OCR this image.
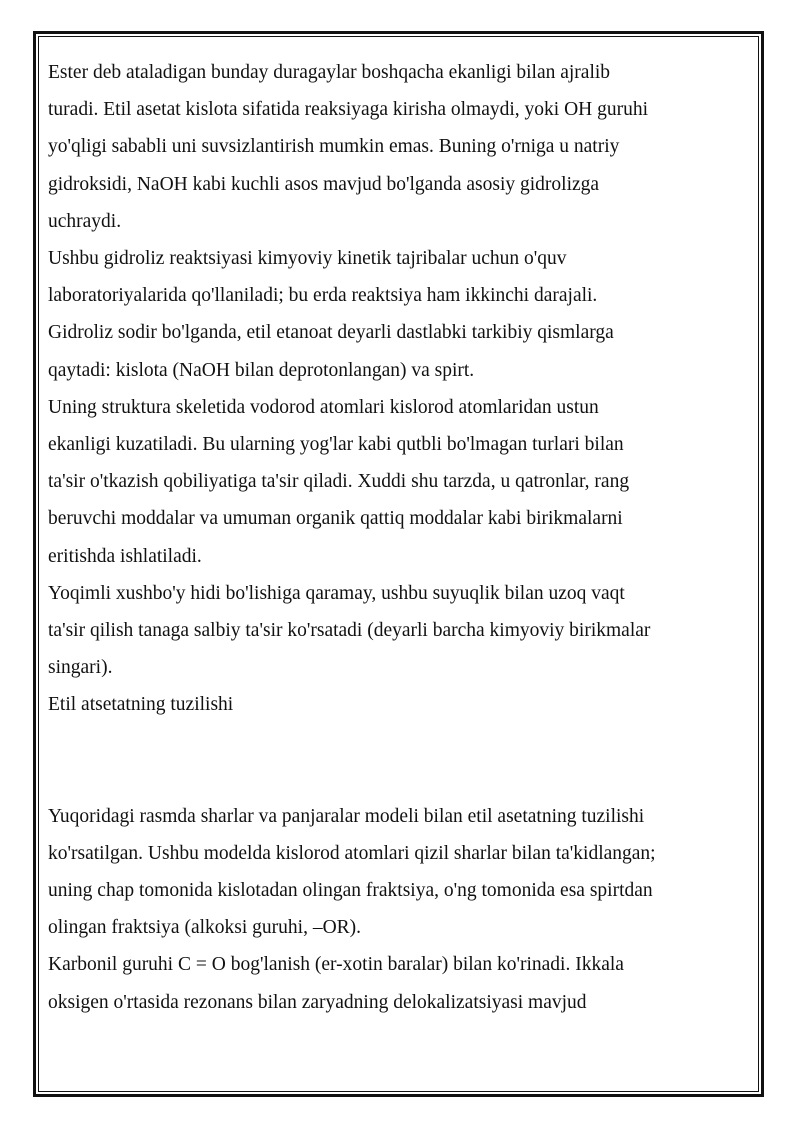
Ester deb ataladigan bunday duragaylar boshqacha ekanligi bilan ajralib
turadi. Etil asetat kislota sifatida reaksiyaga kirisha olmaydi, yoki OH guruhi
yo'qligi sababli uni suvsizlantirish mumkin emas. Buning o'rniga u natriy
gidroksidi, NaOH kabi kuchli asos mavjud bo'lganda asosiy gidrolizga
uchraydi.
Ushbu gidroliz reaktsiyasi kimyoviy kinetik tajribalar uchun o'quv
laboratoriyalarida qo'llaniladi; bu erda reaktsiya ham ikkinchi darajali.
Gidroliz sodir bo'lganda, etil etanoat deyarli dastlabki tarkibiy qismlarga
qaytadi: kislota (NaOH bilan deprotonlangan) va spirt.
Uning struktura skeletida vodorod atomlari kislorod atomlaridan ustun
ekanligi kuzatiladi. Bu ularning yog'lar kabi qutbli bo'lmagan turlari bilan
ta'sir o'tkazish qobiliyatiga ta'sir qiladi. Xuddi shu tarzda, u qatronlar, rang
beruvchi moddalar va umuman organik qattiq moddalar kabi birikmalarni
eritishda ishlatiladi.
Yoqimli xushbo'y hidi bo'lishiga qaramay, ushbu suyuqlik bilan uzoq vaqt
ta'sir qilish tanaga salbiy ta'sir ko'rsatadi (deyarli barcha kimyoviy birikmalar
singari).
Etil atsetatning tuzilishi
Yuqoridagi rasmda sharlar va panjaralar modeli bilan etil asetatning tuzilishi
ko'rsatilgan. Ushbu modelda kislorod atomlari qizil sharlar bilan ta'kidlangan;
uning chap tomonida kislotadan olingan fraktsiya, o'ng tomonida esa spirtdan
olingan fraktsiya (alkoksi guruhi, –OR).
Karbonil guruhi C = O bog'lanish (er-xotin baralar) bilan ko'rinadi. Ikkala
oksigen o'rtasida rezonans bilan zaryadning delokalizatsiyasi mavjud
